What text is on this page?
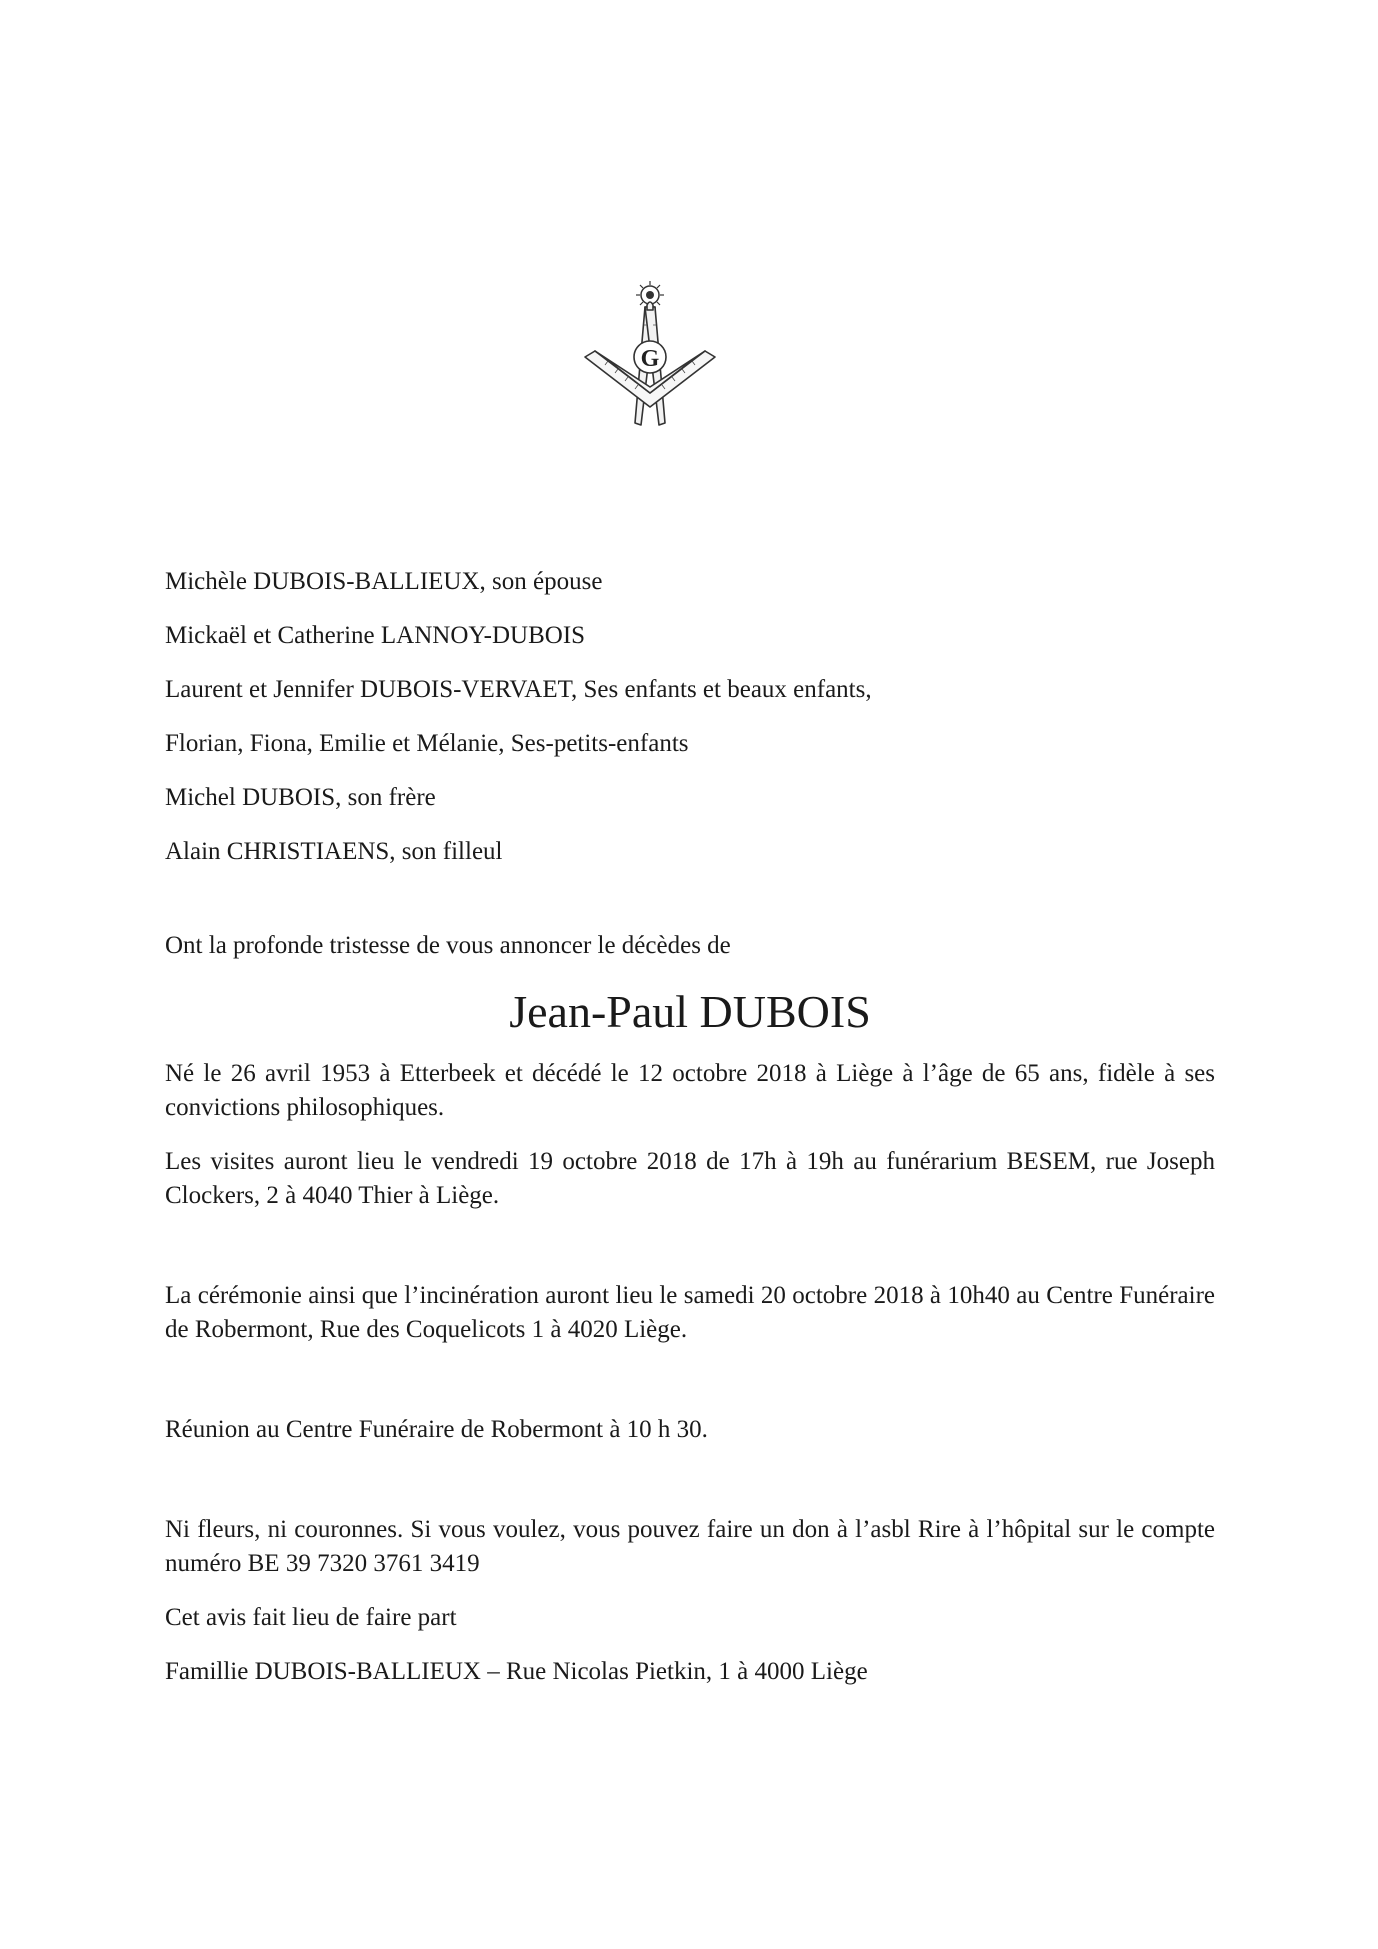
G

Michèle DUBOIS-BALLIEUX, son épouse

Mickaël et Catherine LANNOY-DUBOIS

Laurent et Jennifer DUBOIS-VERVAET, Ses enfants et beaux enfants,

Florian, Fiona, Emilie et Mélanie, Ses-petits-enfants

Michel DUBOIS, son frère

Alain CHRISTIAENS, son filleul

Ont la profonde tristesse de vous annoncer le décèdes de

Jean-Paul DUBOIS

Né le 26 avril 1953 à Etterbeek et décédé le 12 octobre 2018 à Liège à l’âge de 65 ans, fidèle à ses convictions philosophiques.

Les visites auront lieu le vendredi 19 octobre 2018 de 17h à 19h au funérarium BESEM, rue Joseph Clockers, 2 à 4040 Thier à Liège.

La cérémonie ainsi que l’incinération auront lieu le samedi 20 octobre 2018 à 10h40 au Centre Funéraire de Robermont, Rue des Coquelicots 1 à 4020 Liège.

Réunion au Centre Funéraire de Robermont à 10 h 30.

Ni fleurs, ni couronnes. Si vous voulez, vous pouvez faire un don à l’asbl Rire à l’hôpital sur le compte numéro BE 39 7320 3761 3419

Cet avis fait lieu de faire part

Famillie DUBOIS-BALLIEUX – Rue Nicolas Pietkin, 1 à 4000 Liège
